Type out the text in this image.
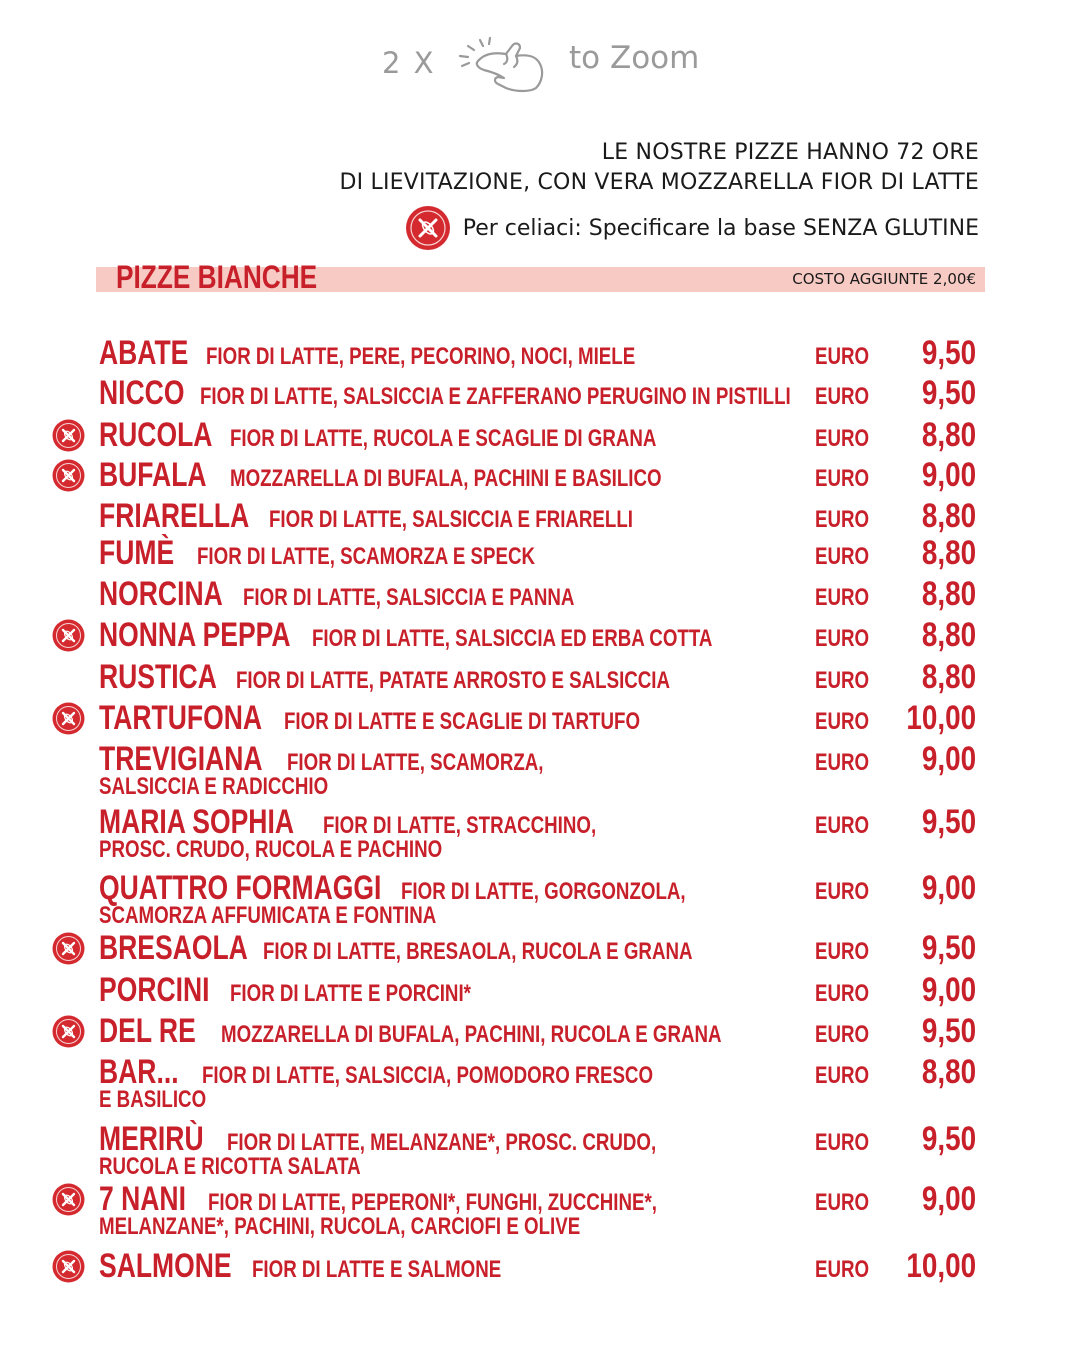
2 X	to Zoom
LE NOSTRE PIZZE HANNO 72 ORE
DI LIEVITAZIONE, CON VERA MOZZARELLA FIOR DI LATTE
Per celiaci: Specificare la base SENZA GLUTINE
PIZZE BIANCHE	COSTO AGGIUNTE 2,00€
ABATE FIOR DI LATTE, PERE, PECORINO, NOCI, MIELE	EURO 9,50
NICCO FIOR DI LATTE, SALSICCIA E ZAFFERANO PERUGINO IN PISTILLI EURO 9,50
RUCOLA FIOR DI LATTE, RUCOLA E SCAGLIE DI GRANA	EURO 8,80
BUFALA MOZZARELLA DI BUFALA, PACHINI E BASILICO	EURO 9,00
FRIARELLA FIOR DI LATTE, SALSICCIA E FRIARELLI	EURO 8,80
FUMÈ FIOR DI LATTE, SCAMORZA E SPECK	EURO 8,80
NORCINA FIOR DI LATTE, SALSICCIA E PANNA	EURO 8,80
NONNA PEPPA FIOR DI LATTE, SALSICCIA ED ERBA COTTA	EURO 8,80
RUSTICA FIOR DI LATTE, PATATE ARROSTO E SALSICCIA	EURO 8,80
TARTUFONA FIOR DI LATTE E SCAGLIE DI TARTUFO	EURO 10,00
TREVIGIANA FIOR DI LATTE, SCAMORZA,
SALSICCIA E RADICCHIO
EURO 9,00
MARIA SOPHIA FIOR DI LATTE, STRACCHINO,
PROSC. CRUDO, RUCOLA E PACHINO
EURO 9,50
QUATTRO FORMAGGI FIOR DI LATTE, GORGONZOLA,
SCAMORZA AFFUMICATA E FONTINA
EURO 9,00
BRESAOLA FIOR DI LATTE, BRESAOLA, RUCOLA E GRANA	EURO 9,50
PORCINI FIOR DI LATTE E PORCINI*	EURO 9,00
DEL RE MOZZARELLA DI BUFALA, PACHINI, RUCOLA E GRANA	EURO 9,50
BAR... FIOR DI LATTE, SALSICCIA, POMODORO FRESCO
E BASILICO
EURO 8,80
MERIRÙ FIOR DI LATTE, MELANZANE*, PROSC. CRUDO,
RUCOLA E RICOTTA SALATA
EURO 9,50
7 NANI FIOR DI LATTE, PEPERONI*, FUNGHI, ZUCCHINE*,
MELANZANE*, PACHINI, RUCOLA, CARCIOFI E OLIVE
EURO 9,00
SALMONE FIOR DI LATTE E SALMONE	EURO 10,00
